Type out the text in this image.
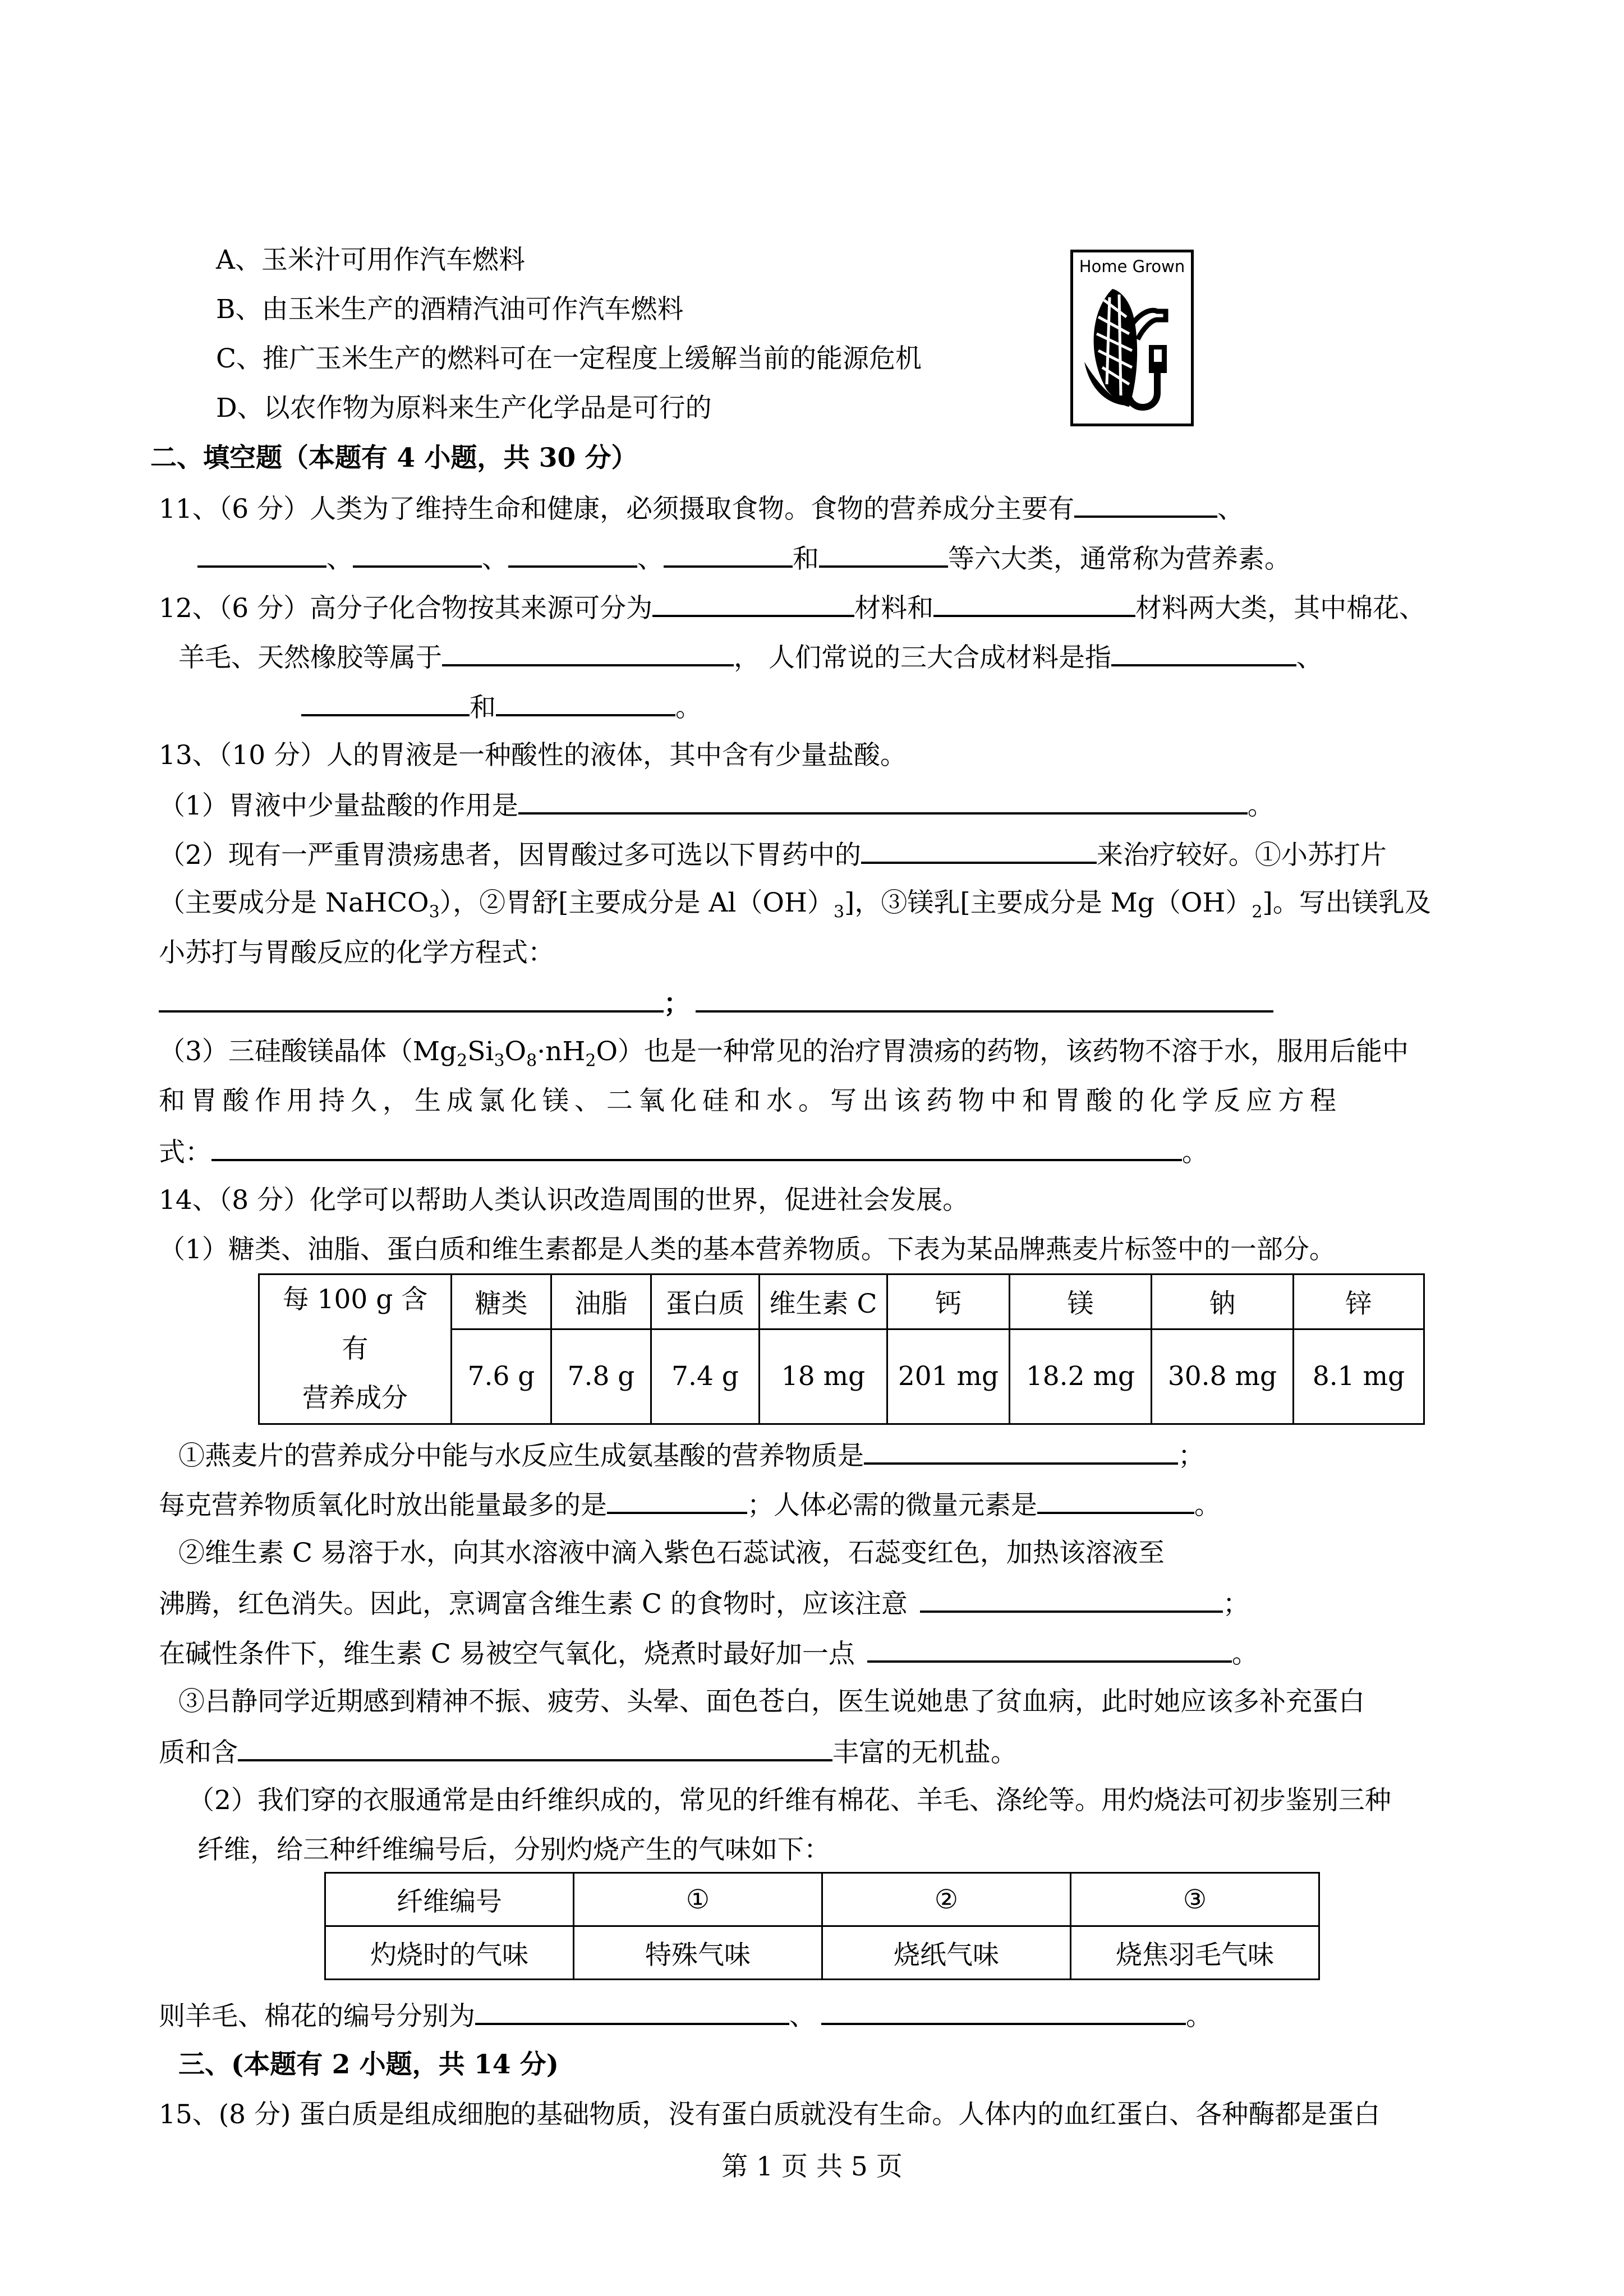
A、玉米汁可用作汽车燃料
B、由玉米生产的酒精汽油可作汽车燃料
C、推广玉米生产的燃料可在一定程度上缓解当前的能源危机
D、以农作物为原料来生产化学品是可行的
Home Grown
二、填空题（本题有 4 小题，共 30 分）
11、（6 分）人类为了维持生命和健康，必须摄取食物。食物的营养成分主要有	、
、	、	、	和	等六大类，通常称为营养素。
12、（6 分）高分子化合物按其来源可分为	材料和	材料两大类，其中棉花、
羊毛、天然橡胶等属于	， 人们常说的三大合成材料是指	、
和	。
13、（10 分）人的胃液是一种酸性的液体，其中含有少量盐酸。
（1）胃液中少量盐酸的作用是	。
（2）现有一严重胃溃疡患者，因胃酸过多可选以下胃药中的	来治疗较好。①小苏打片
（主要成分是 NaHCO$_3$），②胃舒[主要成分是 $Al(OH)_3$]，③镁乳[主要成分是 $Mg(OH)_2$]。写出镁乳及
小苏打与胃酸反应的化学方程式：
；
（3）三硅酸镁晶体$(Mg_2Si_3O_8\cdot nH_2O)$也是一种常见的治疗胃溃疡的药物，该药物不溶于水，服用后能中
和胃酸作用持久，生成氯化镁、二氧化硅和水。写出该药物中和胃酸的化学反应方程
式：	。
14、（8 分）化学可以帮助人类认识改造周围的世界，促进社会发展。
（1）糖类、油脂、蛋白质和维生素都是人类的基本营养物质。下表为某品牌燕麦片标签中的一部分。
每 100 g 含
有
营养成分	糖类	油脂	蛋白质	维生素 C	钙	镁	钠	锌
	7.6 g	7.8 g	7.4 g	18 mg	201 mg	18.2 mg	30.8 mg	8.1 mg
①燕麦片的营养成分中能与水反应生成氨基酸的营养物质是	；
每克营养物质氧化时放出能量最多的是	；人体必需的微量元素是	。
②维生素 C 易溶于水，向其水溶液中滴入紫色石蕊试液，石蕊变红色，加热该溶液至
沸腾，红色消失。因此，烹调富含维生素 C 的食物时，应该注意	；
在碱性条件下，维生素 C 易被空气氧化，烧煮时最好加一点	。
③吕静同学近期感到精神不振、疲劳、头晕、面色苍白，医生说她患了贫血病，此时她应该多补充蛋白
质和含	丰富的无机盐。
（2）我们穿的衣服通常是由纤维织成的，常见的纤维有棉花、羊毛、涤纶等。用灼烧法可初步鉴别三种
纤维，给三种纤维编号后，分别灼烧产生的气味如下：
纤维编号	①	②	③
灼烧时的气味	特殊气味	烧纸气味	烧焦羽毛气味
则羊毛、棉花的编号分别为	、	。
三、(本题有 2 小题，共 14 分)
15、(8 分) 蛋白质是组成细胞的基础物质，没有蛋白质就没有生命。人体内的血红蛋白、各种酶都是蛋白
第 1 页 共 5 页
